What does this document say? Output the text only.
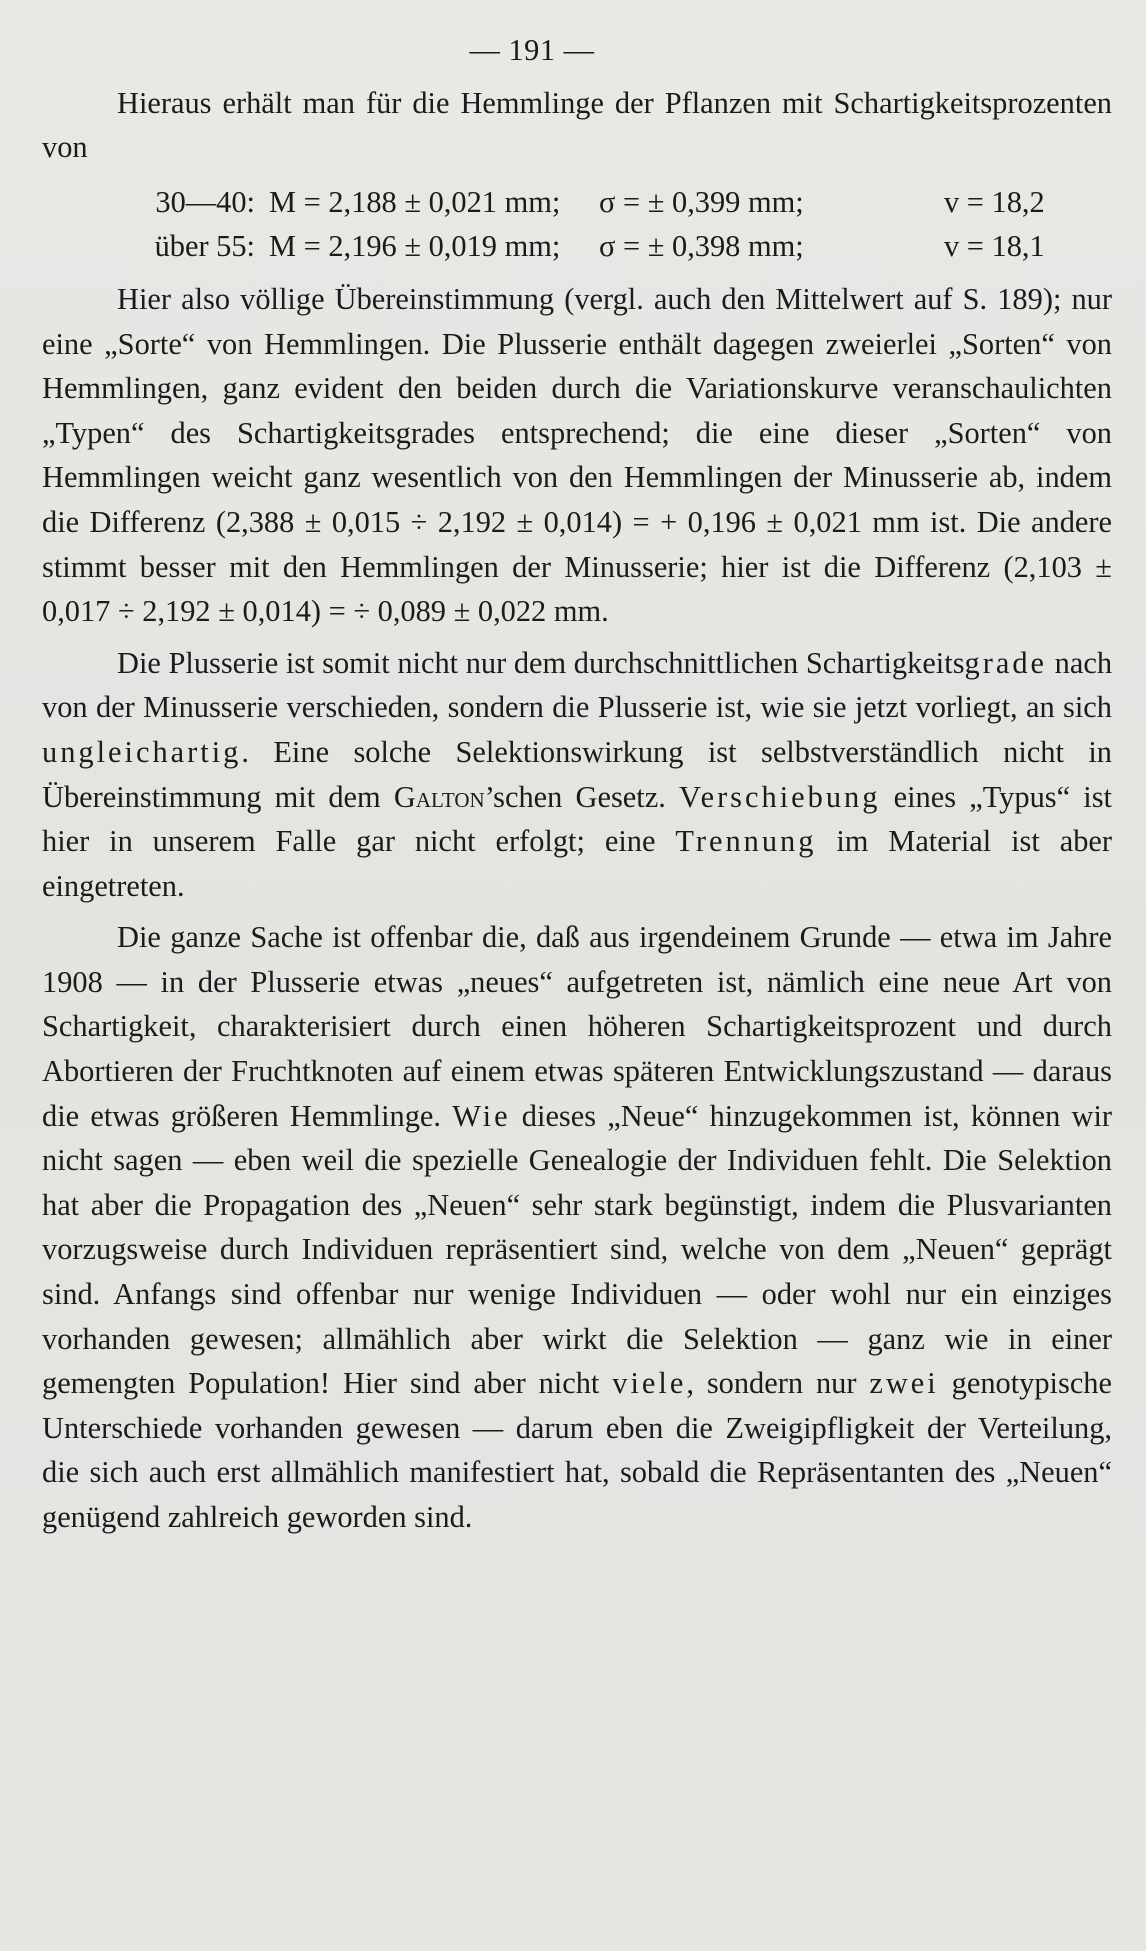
— 191 —

Hieraus erhält man für die Hemmlinge der Pflanzen mit Schartigkeitsprozenten von

30—40: M = 2,188 ± 0,021 mm;	σ = ± 0,399 mm;	v = 18,2
über 55: M = 2,196 ± 0,019 mm;	σ = ± 0,398 mm;	v = 18,1

Hier also völlige Übereinstimmung (vergl. auch den Mittelwert auf S. 189); nur eine „Sorte“ von Hemmlingen. Die Plusserie enthält dagegen zweierlei „Sorten“ von Hemmlingen, ganz evident den beiden durch die Variationskurve veranschaulichten „Typen“ des Schartigkeitsgrades entsprechend; die eine dieser „Sorten“ von Hemmlingen weicht ganz wesentlich von den Hemmlingen der Minusserie ab, indem die Differenz (2,388 ± 0,015 ÷ 2,192 ± 0,014) = + 0,196 ± 0,021 mm ist. Die andere stimmt besser mit den Hemmlingen der Minusserie; hier ist die Differenz (2,103 ± 0,017 ÷ 2,192 ± 0,014) = ÷ 0,089 ± 0,022 mm.

Die Plusserie ist somit nicht nur dem durchschnittlichen Schartigkeitsgrade nach von der Minusserie verschieden, sondern die Plusserie ist, wie sie jetzt vorliegt, an sich ungleichartig. Eine solche Selektionswirkung ist selbstverständlich nicht in Übereinstimmung mit dem Galton’schen Gesetz. Verschiebung eines „Typus“ ist hier in unserem Falle gar nicht erfolgt; eine Trennung im Material ist aber eingetreten.

Die ganze Sache ist offenbar die, daß aus irgendeinem Grunde — etwa im Jahre 1908 — in der Plusserie etwas „neues“ aufgetreten ist, nämlich eine neue Art von Schartigkeit, charakterisiert durch einen höheren Schartigkeitsprozent und durch Abortieren der Fruchtknoten auf einem etwas späteren Entwicklungszustand — daraus die etwas größeren Hemmlinge. Wie dieses „Neue“ hinzugekommen ist, können wir nicht sagen — eben weil die spezielle Genealogie der Individuen fehlt. Die Selektion hat aber die Propagation des „Neuen“ sehr stark begünstigt, indem die Plusvarianten vorzugsweise durch Individuen repräsentiert sind, welche von dem „Neuen“ geprägt sind. Anfangs sind offenbar nur wenige Individuen — oder wohl nur ein einziges vorhanden gewesen; allmählich aber wirkt die Selektion — ganz wie in einer gemengten Population! Hier sind aber nicht viele, sondern nur zwei genotypische Unterschiede vorhanden gewesen — darum eben die Zweigipfligkeit der Verteilung, die sich auch erst allmählich manifestiert hat, sobald die Repräsentanten des „Neuen“ genügend zahlreich geworden sind.
